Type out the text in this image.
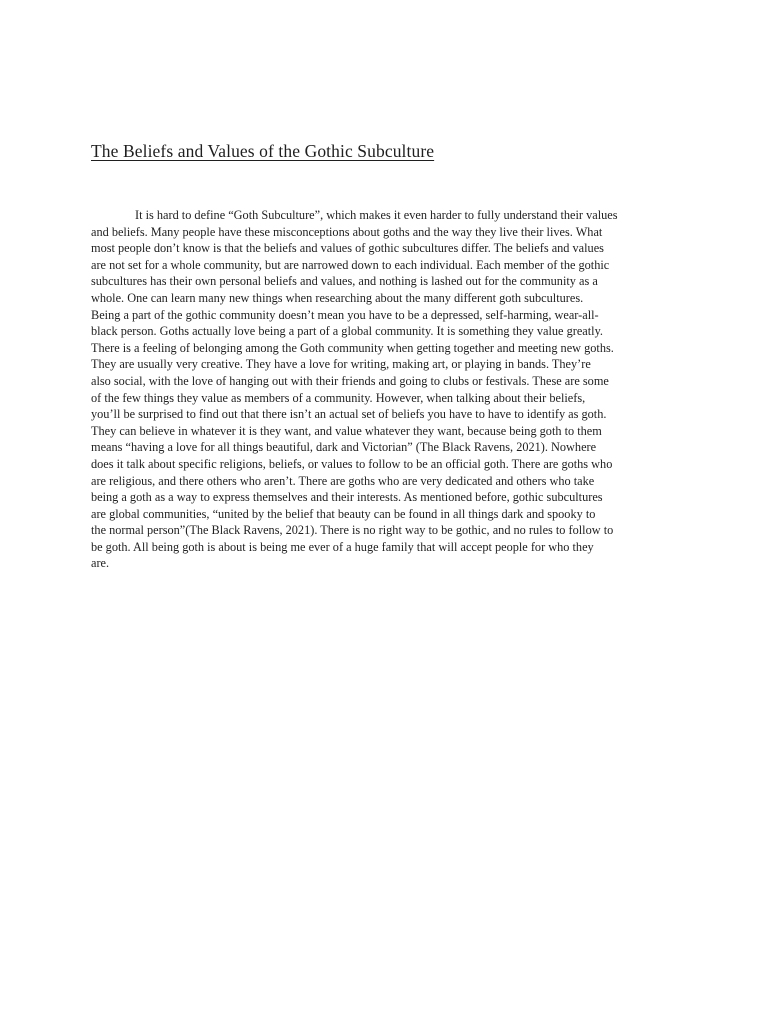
The Beliefs and Values of the Gothic Subculture
It is hard to define “Goth Subculture”, which makes it even harder to fully understand their values
and beliefs. Many people have these misconceptions about goths and the way they live their lives. What
most people don’t know is that the beliefs and values of gothic subcultures differ. The beliefs and values
are not set for a whole community, but are narrowed down to each individual. Each member of the gothic
subcultures has their own personal beliefs and values, and nothing is lashed out for the community as a
whole. One can learn many new things when researching about the many different goth subcultures.
Being a part of the gothic community doesn’t mean you have to be a depressed, self-harming, wear-all-
black person. Goths actually love being a part of a global community. It is something they value greatly.
There is a feeling of belonging among the Goth community when getting together and meeting new goths.
They are usually very creative. They have a love for writing, making art, or playing in bands. They’re
also social, with the love of hanging out with their friends and going to clubs or festivals. These are some
of the few things they value as members of a community. However, when talking about their beliefs,
you’ll be surprised to find out that there isn’t an actual set of beliefs you have to have to identify as goth.
They can believe in whatever it is they want, and value whatever they want, because being goth to them
means “having a love for all things beautiful, dark and Victorian” (The Black Ravens, 2021). Nowhere
does it talk about specific religions, beliefs, or values to follow to be an official goth. There are goths who
are religious, and there others who aren’t. There are goths who are very dedicated and others who take
being a goth as a way to express themselves and their interests. As mentioned before, gothic subcultures
are global communities, “united by the belief that beauty can be found in all things dark and spooky to
the normal person”(The Black Ravens, 2021). There is no right way to be gothic, and no rules to follow to
be goth. All being goth is about is being me ever of a huge family that will accept people for who they
are.
